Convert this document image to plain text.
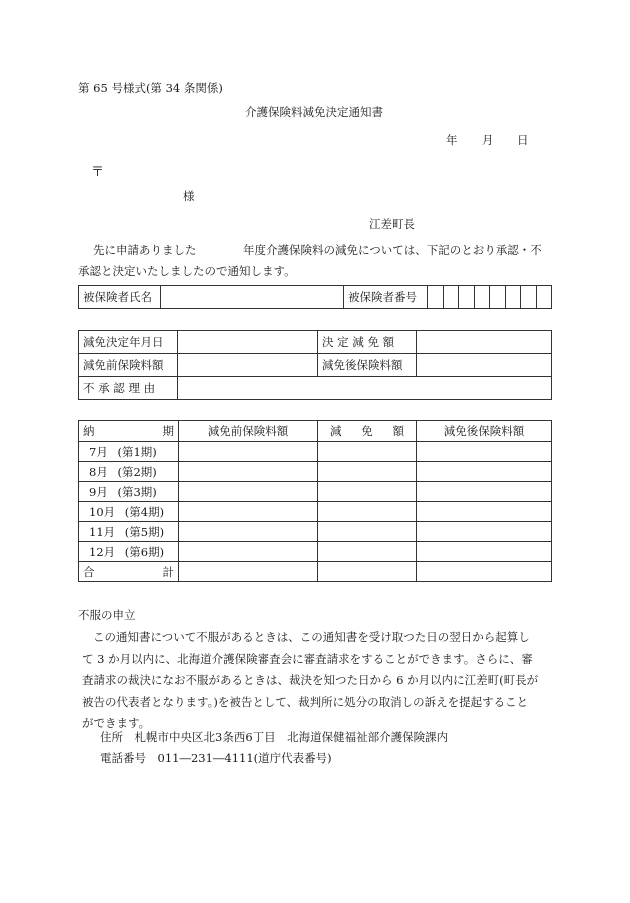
第 65 号様式(第 34 条関係)
介護保険料減免決定通知書
年 月 日
〒
様
江差町長
先に申請ありました	年度介護保険料の減免については、下記のとおり承認・不
承認と決定いたしましたので通知します。
被保険者氏名		被保険者番号								
減免決定年月日		決 定 減 免 額	
減免前保険料額		減免後保険料額	
不 承 認 理 由			
納 期	減免前保険料額	減 免 額	減免後保険料額
7月 (第1期)			
8月 (第2期)			
9月 (第3期)			
10月 (第4期)			
11月 (第5期)			
12月 (第6期)			
合 計			

不服の申立
この通知書について不服があるときは、この通知書を受け取つた日の翌日から起算し
て 3 か月以内に、北海道介護保険審査会に審査請求をすることができます。さらに、審
査請求の裁決になお不服があるときは、裁決を知つた日から 6 か月以内に江差町(町長が
被告の代表者となります。)を被告として、裁判所に処分の取消しの訴えを提起すること
ができます。
住所　札幌市中央区北3条西6丁目　北海道保健福祉部介護保険課内
電話番号　011―231―4111(道庁代表番号)
